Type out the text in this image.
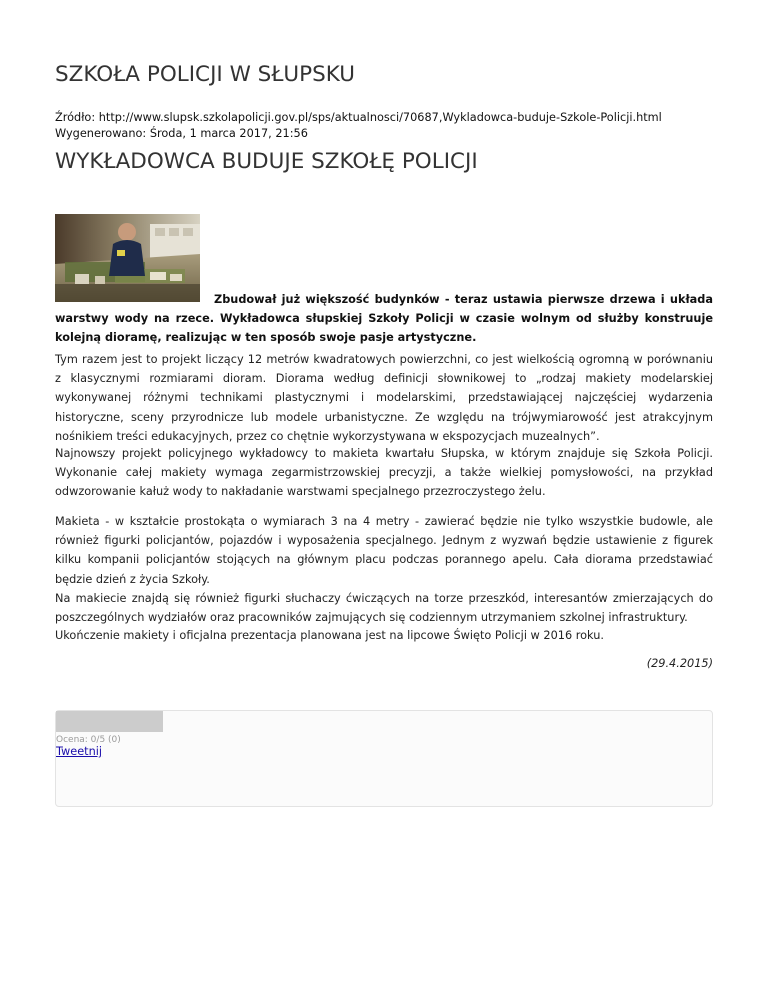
SZKOŁA POLICJI W SŁUPSKU
Źródło: http://www.slupsk.szkolapolicji.gov.pl/sps/aktualnosci/70687,Wykladowca-buduje-Szkole-Policji.html
Wygenerowano: Środa, 1 marca 2017, 21:56
WYKŁADOWCA BUDUJE SZKOŁĘ POLICJI

Zbudował już większość budynków - teraz ustawia pierwsze drzewa i układa warstwy wody na rzece. Wykładowca słupskiej Szkoły Policji w czasie wolnym od służby konstruuje kolejną dioramę, realizując w ten sposób swoje pasje artystyczne.

Tym razem jest to projekt liczący 12 metrów kwadratowych powierzchni, co jest wielkością ogromną w porównaniu z klasycznymi rozmiarami dioram. Diorama według definicji słownikowej to „rodzaj makiety modelarskiej wykonywanej różnymi technikami plastycznymi i modelarskimi, przedstawiającej najczęściej wydarzenia historyczne, sceny przyrodnicze lub modele urbanistyczne. Ze względu na trójwymiarowość jest atrakcyjnym nośnikiem treści edukacyjnych, przez co chętnie wykorzystywana w ekspozycjach muzealnych”.

Najnowszy projekt policyjnego wykładowcy to makieta kwartału Słupska, w którym znajduje się Szkoła Policji. Wykonanie całej makiety wymaga zegarmistrzowskiej precyzji, a także wielkiej pomysłowości, na przykład odwzorowanie kałuż wody to nakładanie warstwami specjalnego przezroczystego żelu.

Makieta - w kształcie prostokąta o wymiarach 3 na 4 metry - zawierać będzie nie tylko wszystkie budowle, ale również figurki policjantów, pojazdów i wyposażenia specjalnego. Jednym z wyzwań będzie ustawienie z figurek kilku kompanii policjantów stojących na głównym placu podczas porannego apelu. Cała diorama przedstawiać będzie dzień z życia Szkoły.
Na makiecie znajdą się również figurki słuchaczy ćwiczących na torze przeszkód, interesantów zmierzających do poszczególnych wydziałów oraz pracowników zajmujących się codziennym utrzymaniem szkolnej infrastruktury.

Ukończenie makiety i oficjalna prezentacja planowana jest na lipcowe Święto Policji w 2016 roku.

(29.4.2015)
Ocena: 0/5 (0)
Tweetnij
